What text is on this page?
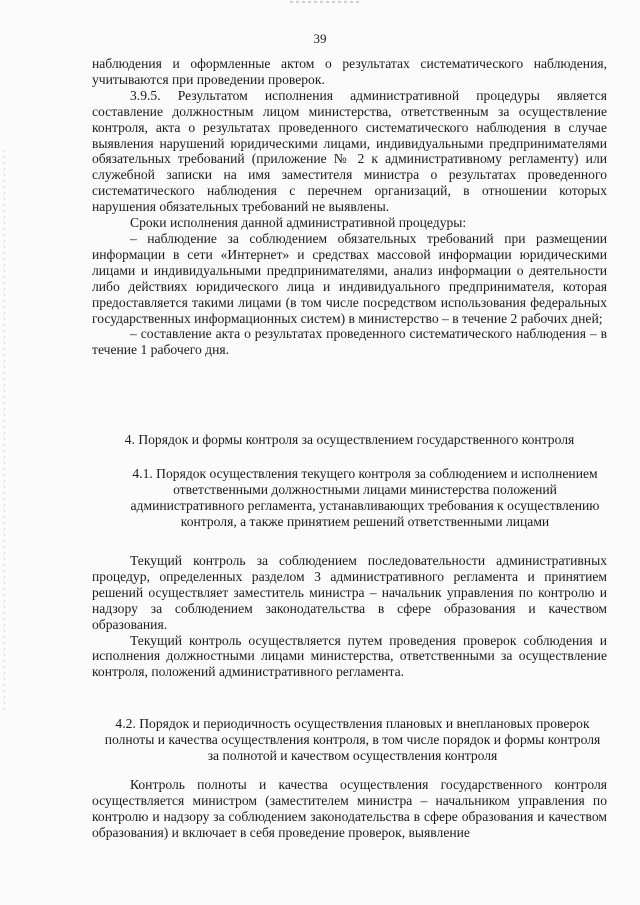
39

наблюдения и оформленные актом о результатах систематического наблюдения, учитываются при проведении проверок.

3.9.5. Результатом исполнения административной процедуры является составление должностным лицом министерства, ответственным за осуществление контроля, акта о результатах проведенного систематического наблюдения в случае выявления нарушений юридическими лицами, индивидуальными предпринимателями обязательных требований (приложение № 2 к административному регламенту) или служебной записки на имя заместителя министра о результатах проведенного систематического наблюдения с перечнем организаций, в отношении которых нарушения обязательных требований не выявлены.

Сроки исполнения данной административной процедуры:

– наблюдение за соблюдением обязательных требований при размещении информации в сети «Интернет» и средствах массовой информации юридическими лицами и индивидуальными предпринимателями, анализ информации о деятельности либо действиях юридического лица и индивидуального предпринимателя, которая предоставляется такими лицами (в том числе посредством использования федеральных государственных информационных систем) в министерство – в течение 2 рабочих дней;

– составление акта о результатах проведенного систематического наблюдения – в течение 1 рабочего дня.

4. Порядок и формы контроля за осуществлением государственного контроля

4.1. Порядок осуществления текущего контроля за соблюдением и исполнением ответственными должностными лицами министерства положений административного регламента, устанавливающих требования к осуществлению контроля, а также принятием решений ответственными лицами

Текущий контроль за соблюдением последовательности административных процедур, определенных разделом 3 административного регламента и принятием решений осуществляет заместитель министра – начальник управления по контролю и надзору за соблюдением законодательства в сфере образования и качеством образования.

Текущий контроль осуществляется путем проведения проверок соблюдения и исполнения должностными лицами министерства, ответственными за осуществление контроля, положений административного регламента.

4.2. Порядок и периодичность осуществления плановых и внеплановых проверок полноты и качества осуществления контроля, в том числе порядок и формы контроля за полнотой и качеством осуществления контроля

Контроль полноты и качества осуществления государственного контроля осуществляется министром (заместителем министра – начальником управления по контролю и надзору за соблюдением законодательства в сфере образования и качеством образования) и включает в себя проведение проверок, выявление
